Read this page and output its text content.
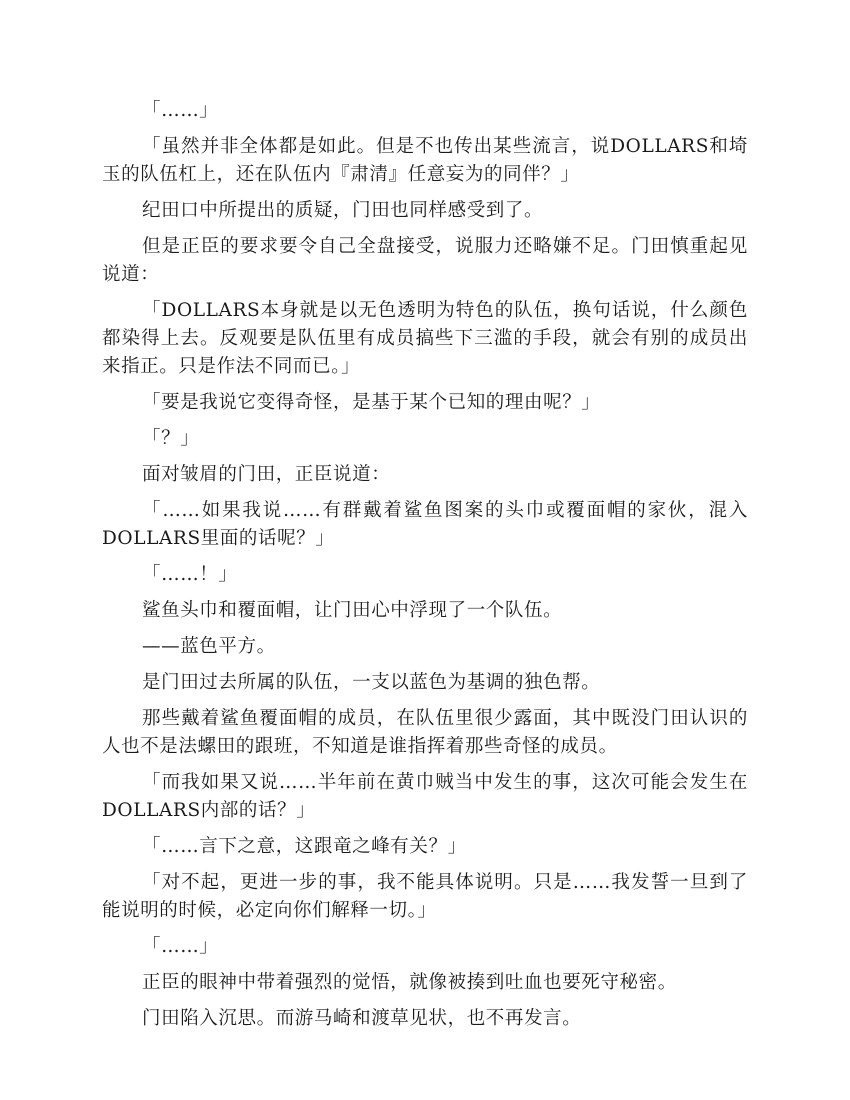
「……」

「虽然并非全体都是如此。但是不也传出某些流言，说DOLLARS和埼玉的队伍杠上，还在队伍内『肃清』任意妄为的同伴？」

纪田口中所提出的质疑，门田也同样感受到了。

但是正臣的要求要令自己全盘接受，说服力还略嫌不足。门田慎重起见说道：

「DOLLARS本身就是以无色透明为特色的队伍，换句话说，什么颜色都染得上去。反观要是队伍里有成员搞些下三滥的手段，就会有别的成员出来指正。只是作法不同而已。」

「要是我说它变得奇怪，是基于某个已知的理由呢？」

「？」

面对皱眉的门田，正臣说道：

「……如果我说……有群戴着鲨鱼图案的头巾或覆面帽的家伙，混入DOLLARS里面的话呢？」

「……！」

鲨鱼头巾和覆面帽，让门田心中浮现了一个队伍。

——蓝色平方。

是门田过去所属的队伍，一支以蓝色为基调的独色帮。

那些戴着鲨鱼覆面帽的成员，在队伍里很少露面，其中既没门田认识的人也不是法螺田的跟班，不知道是谁指挥着那些奇怪的成员。

「而我如果又说……半年前在黄巾贼当中发生的事，这次可能会发生在DOLLARS内部的话？」

「……言下之意，这跟竜之峰有关？」

「对不起，更进一步的事，我不能具体说明。只是……我发誓一旦到了能说明的时候，必定向你们解释一切。」

「……」

正臣的眼神中带着强烈的觉悟，就像被揍到吐血也要死守秘密。

门田陷入沉思。而游马崎和渡草见状，也不再发言。
